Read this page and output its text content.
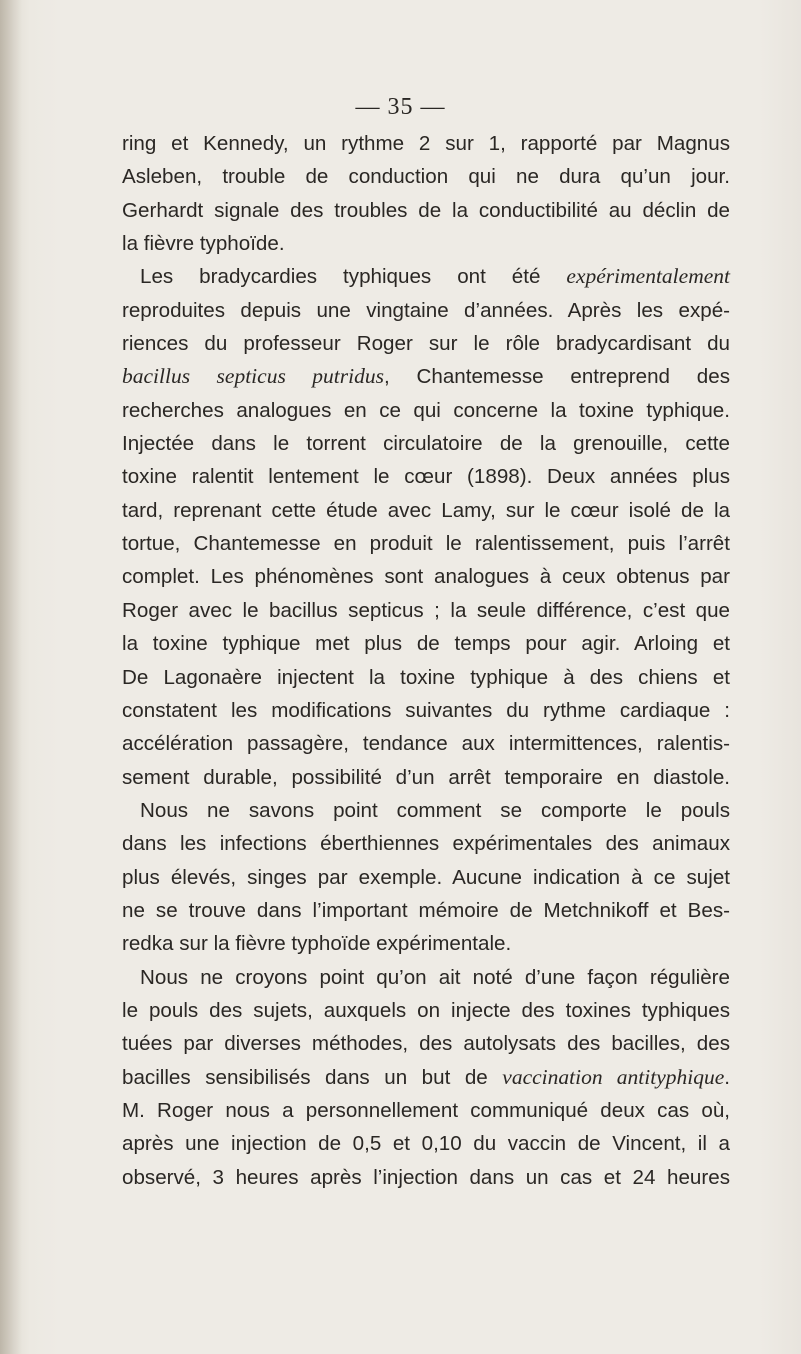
— 35 —
ring et Kennedy, un rythme 2 sur 1, rapporté par Magnus
Asleben, trouble de conduction qui ne dura qu’un jour.
Gerhardt signale des troubles de la conductibilité au déclin de
la fièvre typhoïde.
Les bradycardies typhiques ont été expérimentalement
reproduites depuis une vingtaine d’années. Après les expé-
riences du professeur Roger sur le rôle bradycardisant du
bacillus septicus putridus, Chantemesse entreprend des
recherches analogues en ce qui concerne la toxine typhique.
Injectée dans le torrent circulatoire de la grenouille, cette
toxine ralentit lentement le cœur (1898). Deux années plus
tard, reprenant cette étude avec Lamy, sur le cœur isolé de la
tortue, Chantemesse en produit le ralentissement, puis l’arrêt
complet. Les phénomènes sont analogues à ceux obtenus par
Roger avec le bacillus septicus ; la seule différence, c’est que
la toxine typhique met plus de temps pour agir. Arloing et
De Lagonaère injectent la toxine typhique à des chiens et
constatent les modifications suivantes du rythme cardiaque :
accélération passagère, tendance aux intermittences, ralentis-
sement durable, possibilité d’un arrêt temporaire en diastole.
Nous ne savons point comment se comporte le pouls
dans les infections éberthiennes expérimentales des animaux
plus élevés, singes par exemple. Aucune indication à ce sujet
ne se trouve dans l’important mémoire de Metchnikoff et Bes-
redka sur la fièvre typhoïde expérimentale.
Nous ne croyons point qu’on ait noté d’une façon régulière
le pouls des sujets, auxquels on injecte des toxines typhiques
tuées par diverses méthodes, des autolysats des bacilles, des
bacilles sensibilisés dans un but de vaccination antityphique.
M. Roger nous a personnellement communiqué deux cas où,
après une injection de 0,5 et 0,10 du vaccin de Vincent, il a
observé, 3 heures après l’injection dans un cas et 24 heures
